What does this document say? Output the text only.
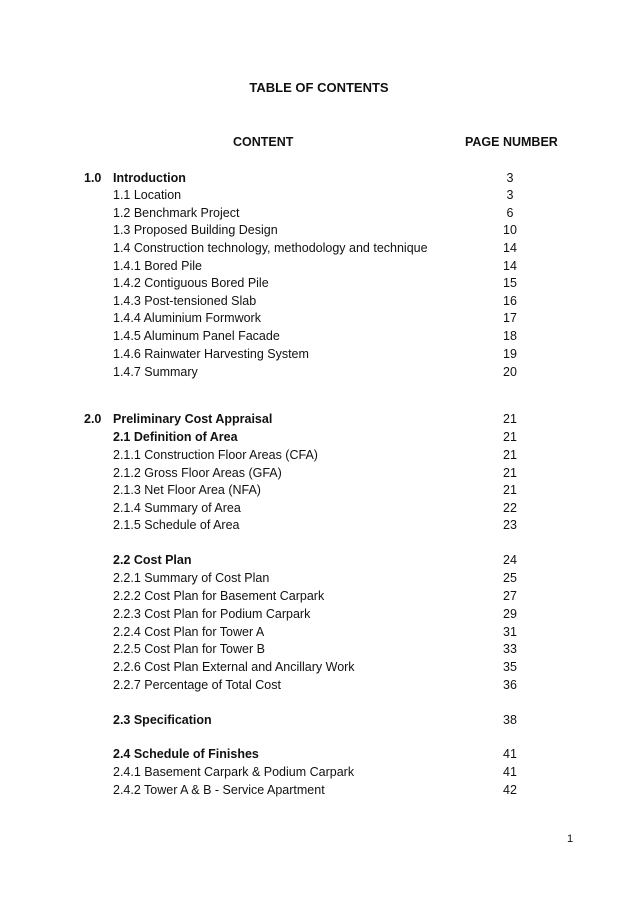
TABLE OF CONTENTS
CONTENT	PAGE NUMBER
1.0 Introduction	3
1.1 Location	3
1.2 Benchmark Project	6
1.3 Proposed Building Design	10
1.4 Construction technology, methodology and technique	14
1.4.1 Bored Pile	14
1.4.2 Contiguous Bored Pile	15
1.4.3 Post-tensioned Slab	16
1.4.4 Aluminium Formwork	17
1.4.5 Aluminum Panel Facade	18
1.4.6 Rainwater Harvesting System	19
1.4.7 Summary	20
2.0 Preliminary Cost Appraisal	21
2.1 Definition of Area	21
2.1.1 Construction Floor Areas (CFA)	21
2.1.2 Gross Floor Areas (GFA)	21
2.1.3 Net Floor Area (NFA)	21
2.1.4 Summary of Area	22
2.1.5 Schedule of Area	23
2.2 Cost Plan	24
2.2.1 Summary of Cost Plan	25
2.2.2 Cost Plan for Basement Carpark	27
2.2.3 Cost Plan for Podium Carpark	29
2.2.4 Cost Plan for Tower A	31
2.2.5 Cost Plan for Tower B	33
2.2.6 Cost Plan External and Ancillary Work	35
2.2.7 Percentage of Total Cost	36
2.3 Specification	38
2.4 Schedule of Finishes	41
2.4.1 Basement Carpark & Podium Carpark	41
2.4.2 Tower A & B - Service Apartment	42
1
